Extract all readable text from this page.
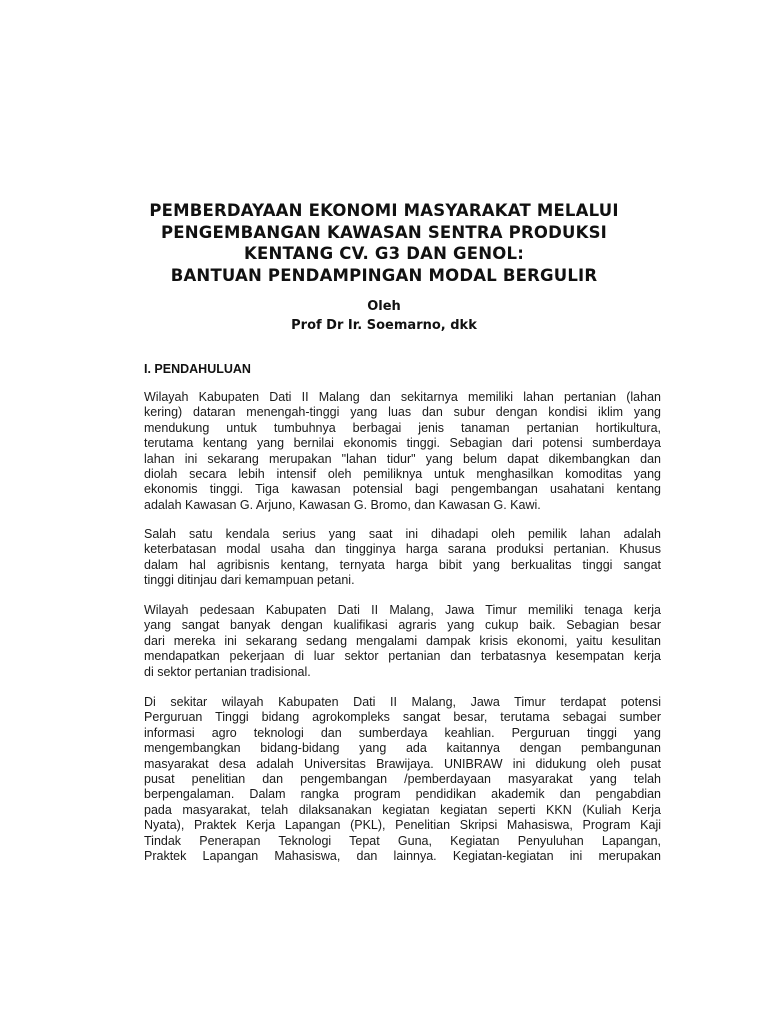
PEMBERDAYAAN EKONOMI MASYARAKAT MELALUI
PENGEMBANGAN KAWASAN SENTRA PRODUKSI
KENTANG CV. G3 DAN GENOL:
BANTUAN PENDAMPINGAN MODAL BERGULIR
Oleh
Prof Dr Ir. Soemarno, dkk
I. PENDAHULUAN
Wilayah Kabupaten Dati II Malang dan sekitarnya memiliki lahan pertanian (lahan
kering) dataran menengah-tinggi yang luas dan subur dengan kondisi iklim yang
mendukung untuk tumbuhnya berbagai jenis tanaman pertanian hortikultura,
terutama kentang yang bernilai ekonomis tinggi. Sebagian dari potensi sumberdaya
lahan ini sekarang merupakan "lahan tidur" yang belum dapat dikembangkan dan
diolah secara lebih intensif oleh pemiliknya untuk menghasilkan komoditas yang
ekonomis tinggi. Tiga kawasan potensial bagi pengembangan usahatani kentang
adalah Kawasan G. Arjuno, Kawasan G. Bromo, dan Kawasan G. Kawi.
Salah satu kendala serius yang saat ini dihadapi oleh pemilik lahan adalah
keterbatasan modal usaha dan tingginya harga sarana produksi pertanian. Khusus
dalam hal agribisnis kentang, ternyata harga bibit yang berkualitas tinggi sangat
tinggi ditinjau dari kemampuan petani.
Wilayah pedesaan Kabupaten Dati II Malang, Jawa Timur memiliki tenaga kerja
yang sangat banyak dengan kualifikasi agraris yang cukup baik. Sebagian besar
dari mereka ini sekarang sedang mengalami dampak krisis ekonomi, yaitu kesulitan
mendapatkan pekerjaan di luar sektor pertanian dan terbatasnya kesempatan kerja
di sektor pertanian tradisional.
Di sekitar wilayah Kabupaten Dati II Malang, Jawa Timur terdapat potensi
Perguruan Tinggi bidang agrokompleks sangat besar, terutama sebagai sumber
informasi agro teknologi dan sumberdaya keahlian. Perguruan tinggi yang
mengembangkan bidang-bidang yang ada kaitannya dengan pembangunan
masyarakat desa adalah Universitas Brawijaya. UNIBRAW ini didukung oleh pusat
pusat penelitian dan pengembangan /pemberdayaan masyarakat yang telah
berpengalaman. Dalam rangka program pendidikan akademik dan pengabdian
pada masyarakat, telah dilaksanakan kegiatan kegiatan seperti KKN (Kuliah Kerja
Nyata), Praktek Kerja Lapangan (PKL), Penelitian Skripsi Mahasiswa, Program Kaji
Tindak Penerapan Teknologi Tepat Guna, Kegiatan Penyuluhan Lapangan,
Praktek Lapangan Mahasiswa, dan lainnya. Kegiatan-kegiatan ini merupakan
